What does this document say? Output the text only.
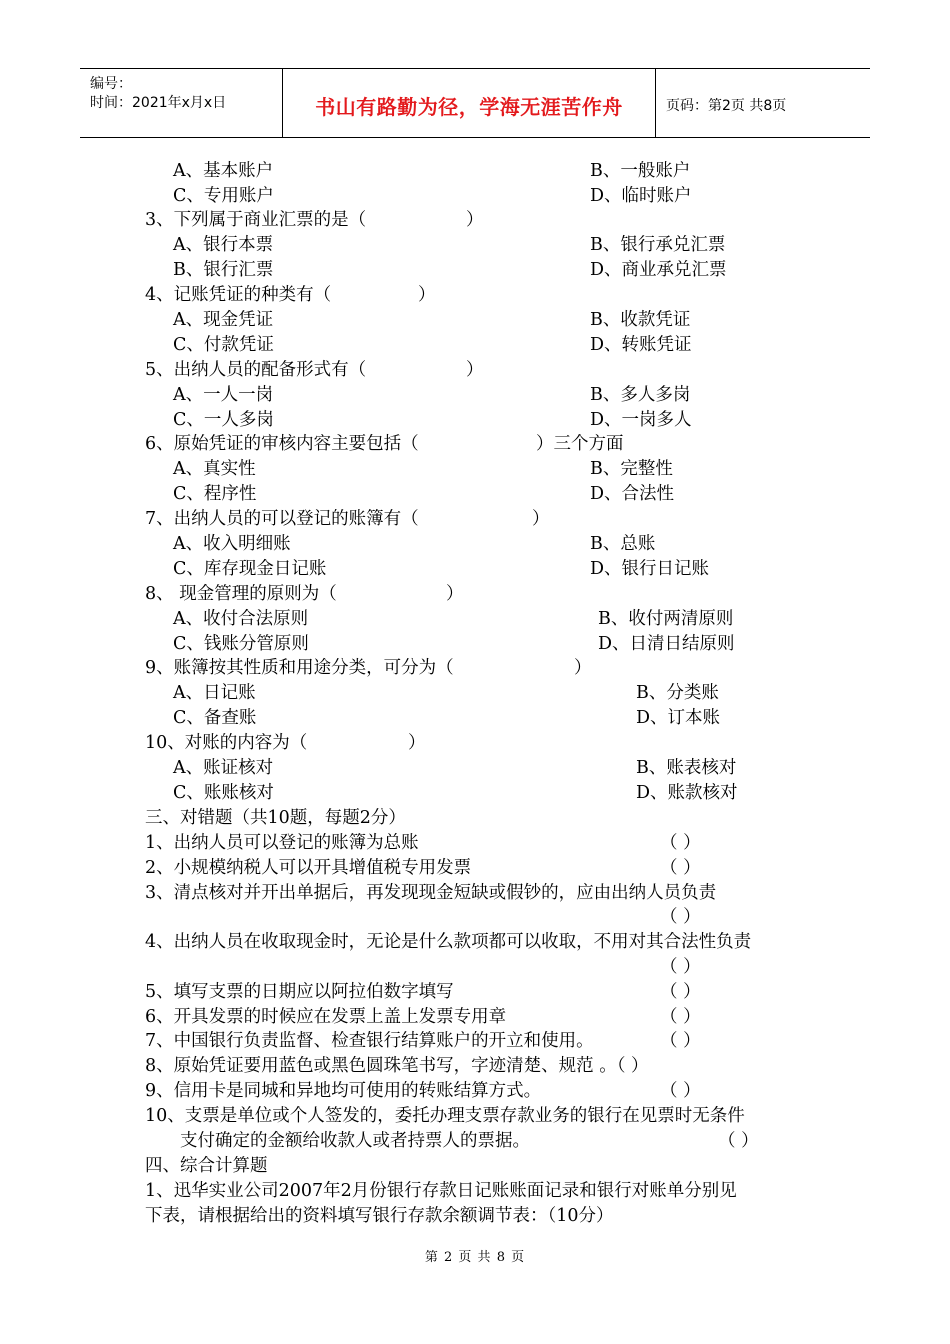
编号：
时间：2021年x月x日	书山有路勤为径，学海无涯苦作舟	页码：第2页 共8页
A、基本账户	B、一般账户
C、专用账户	D、临时账户
3、下列属于商业汇票的是（	）
A、银行本票	B、银行承兑汇票
B、银行汇票	D、商业承兑汇票
4、记账凭证的种类有（	）
A、现金凭证	B、收款凭证
C、付款凭证	D、转账凭证
5、出纳人员的配备形式有（	）
A、一人一岗	B、多人多岗
C、一人多岗	D、一岗多人
6、原始凭证的审核内容主要包括（	）三个方面
A、真实性	B、完整性
C、程序性	D、合法性
7、出纳人员的可以登记的账簿有（	）
A、收入明细账	B、总账
C、库存现金日记账	D、银行日记账
8、 现金管理的原则为（	）
A、收付合法原则	B、收付两清原则
C、钱账分管原则	D、日清日结原则
9、账簿按其性质和用途分类，可分为（	）
A、日记账	B、分类账
C、备查账	D、订本账
10、对账的内容为（	）
A、账证核对	B、账表核对
C、账账核对	D、账款核对
三、对错题（共10题，每题2分）
1、出纳人员可以登记的账簿为总账	（ ）
2、小规模纳税人可以开具增值税专用发票	（ ）
3、清点核对并开出单据后，再发现现金短缺或假钞的，应由出纳人员负责
（ ）
4、出纳人员在收取现金时，无论是什么款项都可以收取，不用对其合法性负责
（ ）
5、填写支票的日期应以阿拉伯数字填写	（ ）
6、开具发票的时候应在发票上盖上发票专用章	（ ）
7、中国银行负责监督、检查银行结算账户的开立和使用。	（ ）
8、原始凭证要用蓝色或黑色圆珠笔书写，字迹清楚、规范 。（ ）
9、信用卡是同城和异地均可使用的转账结算方式。	（ ）
10、支票是单位或个人签发的，委托办理支票存款业务的银行在见票时无条件
支付确定的金额给收款人或者持票人的票据。	（ ）
四、综合计算题
1、迅华实业公司2007年2月份银行存款日记账账面记录和银行对账单分别见
下表，请根据给出的资料填写银行存款余额调节表：（10分）
第 2 页 共 8 页
